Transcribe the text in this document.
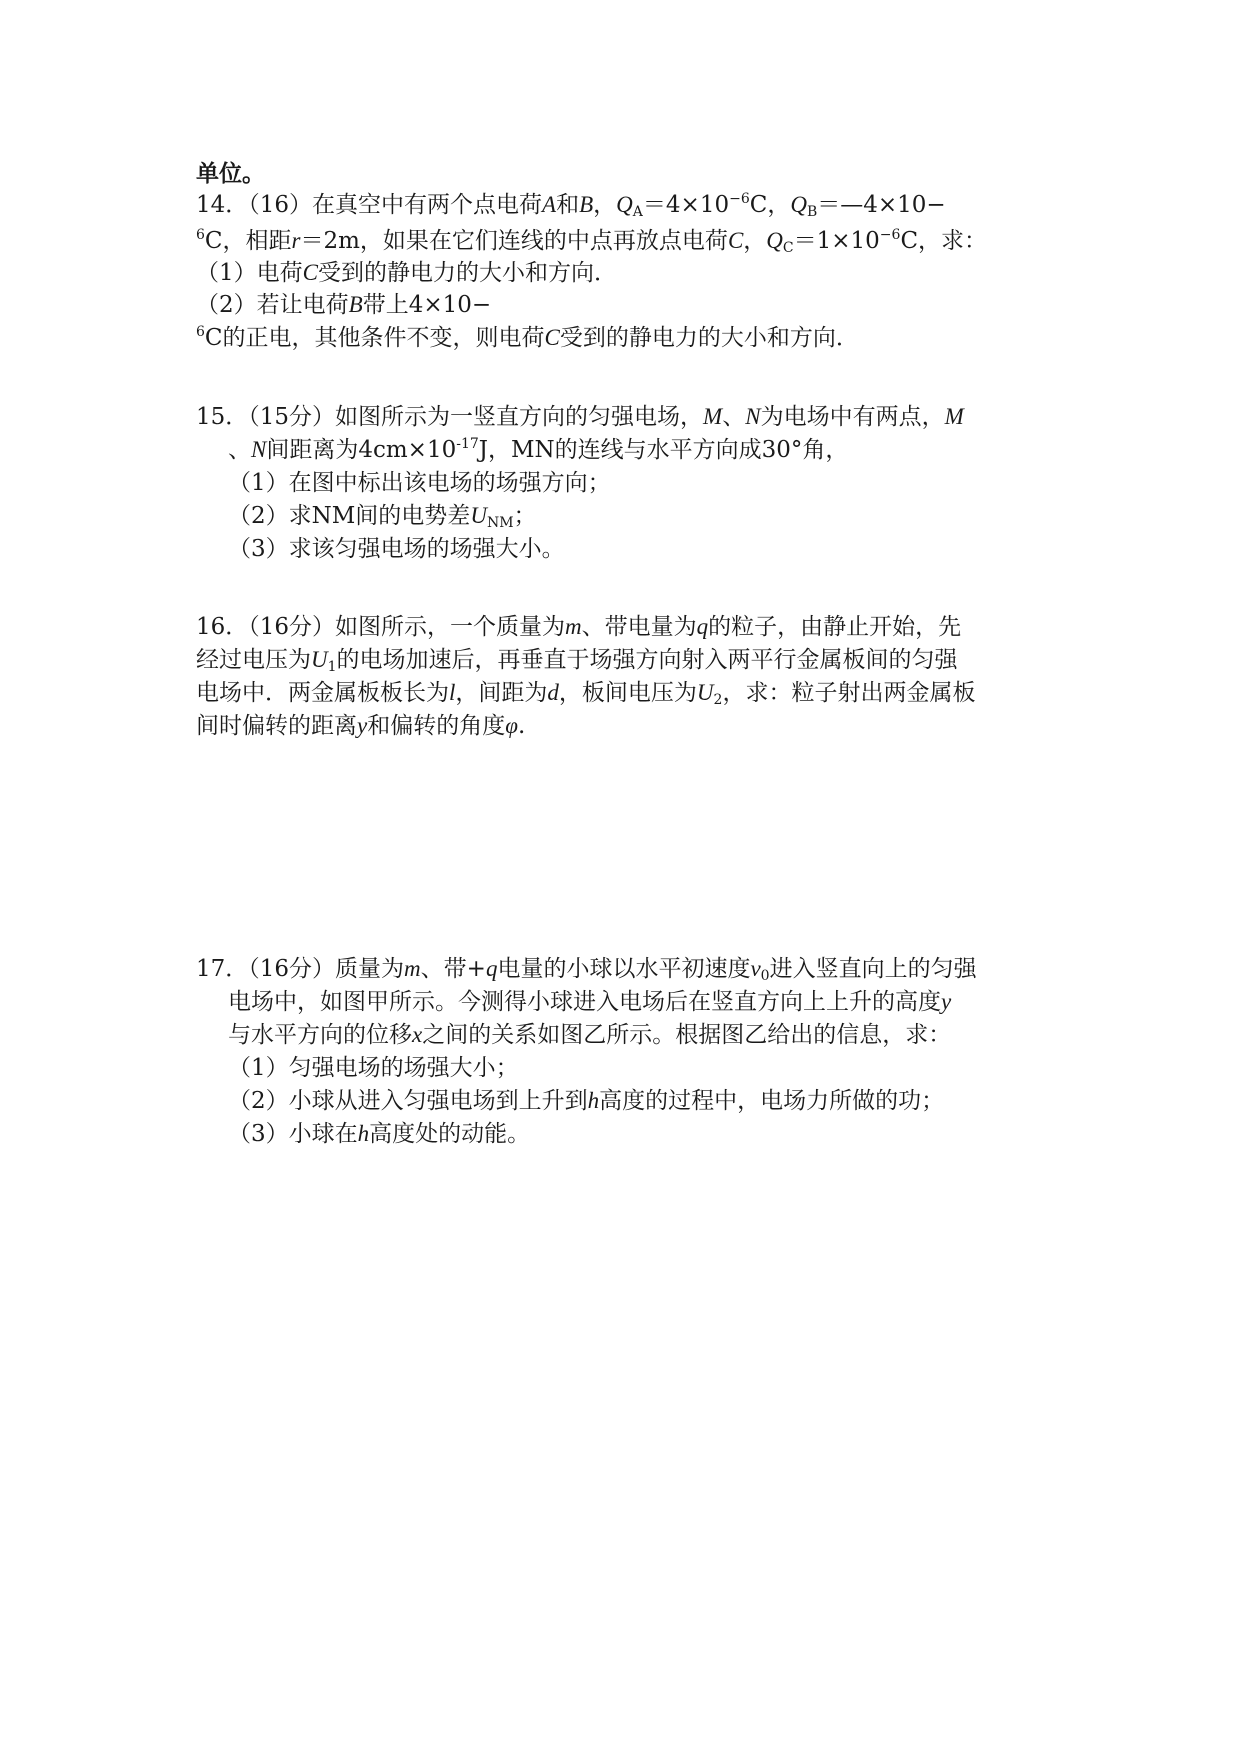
单位。
14．（16）在真空中有两个点电荷A和B，$Q_A=4\times 10^{-6}C$，$Q_B=—4\times 10-$
$^6$C，相距r＝2m，如果在它们连线的中点再放点电荷C，$Q_C=1\times 10^{-6}C$，求：
（1）电荷C受到的静电力的大小和方向．
（2）若让电荷B带上4×10−
$^6$C的正电，其他条件不变，则电荷C受到的静电力的大小和方向．
15．（15分）如图所示为一竖直方向的匀强电场，M、N为电场中有两点，M
、N间距离为$4cm\times 10^{-17}J$，MN的连线与水平方向成30°角，
（1）在图中标出该电场的场强方向；
（2）求NM间的电势差$U_{NM}$；
（3）求该匀强电场的场强大小。
16．（16分）如图所示，一个质量为m、带电量为q的粒子，由静止开始，先
经过电压为$U_1$的电场加速后，再垂直于场强方向射入两平行金属板间的匀强
电场中．两金属板板长为l，间距为d，板间电压为$U_2$，求：粒子射出两金属板
间时偏转的距离y和偏转的角度φ.
17．（16分）质量为m、带+q电量的小球以水平初速度$v_0$进入竖直向上的匀强
电场中，如图甲所示。今测得小球进入电场后在竖直方向上上升的高度y
与水平方向的位移x之间的关系如图乙所示。根据图乙给出的信息，求：
（1）匀强电场的场强大小；
（2）小球从进入匀强电场到上升到h高度的过程中，电场力所做的功；
（3）小球在h高度处的动能。
